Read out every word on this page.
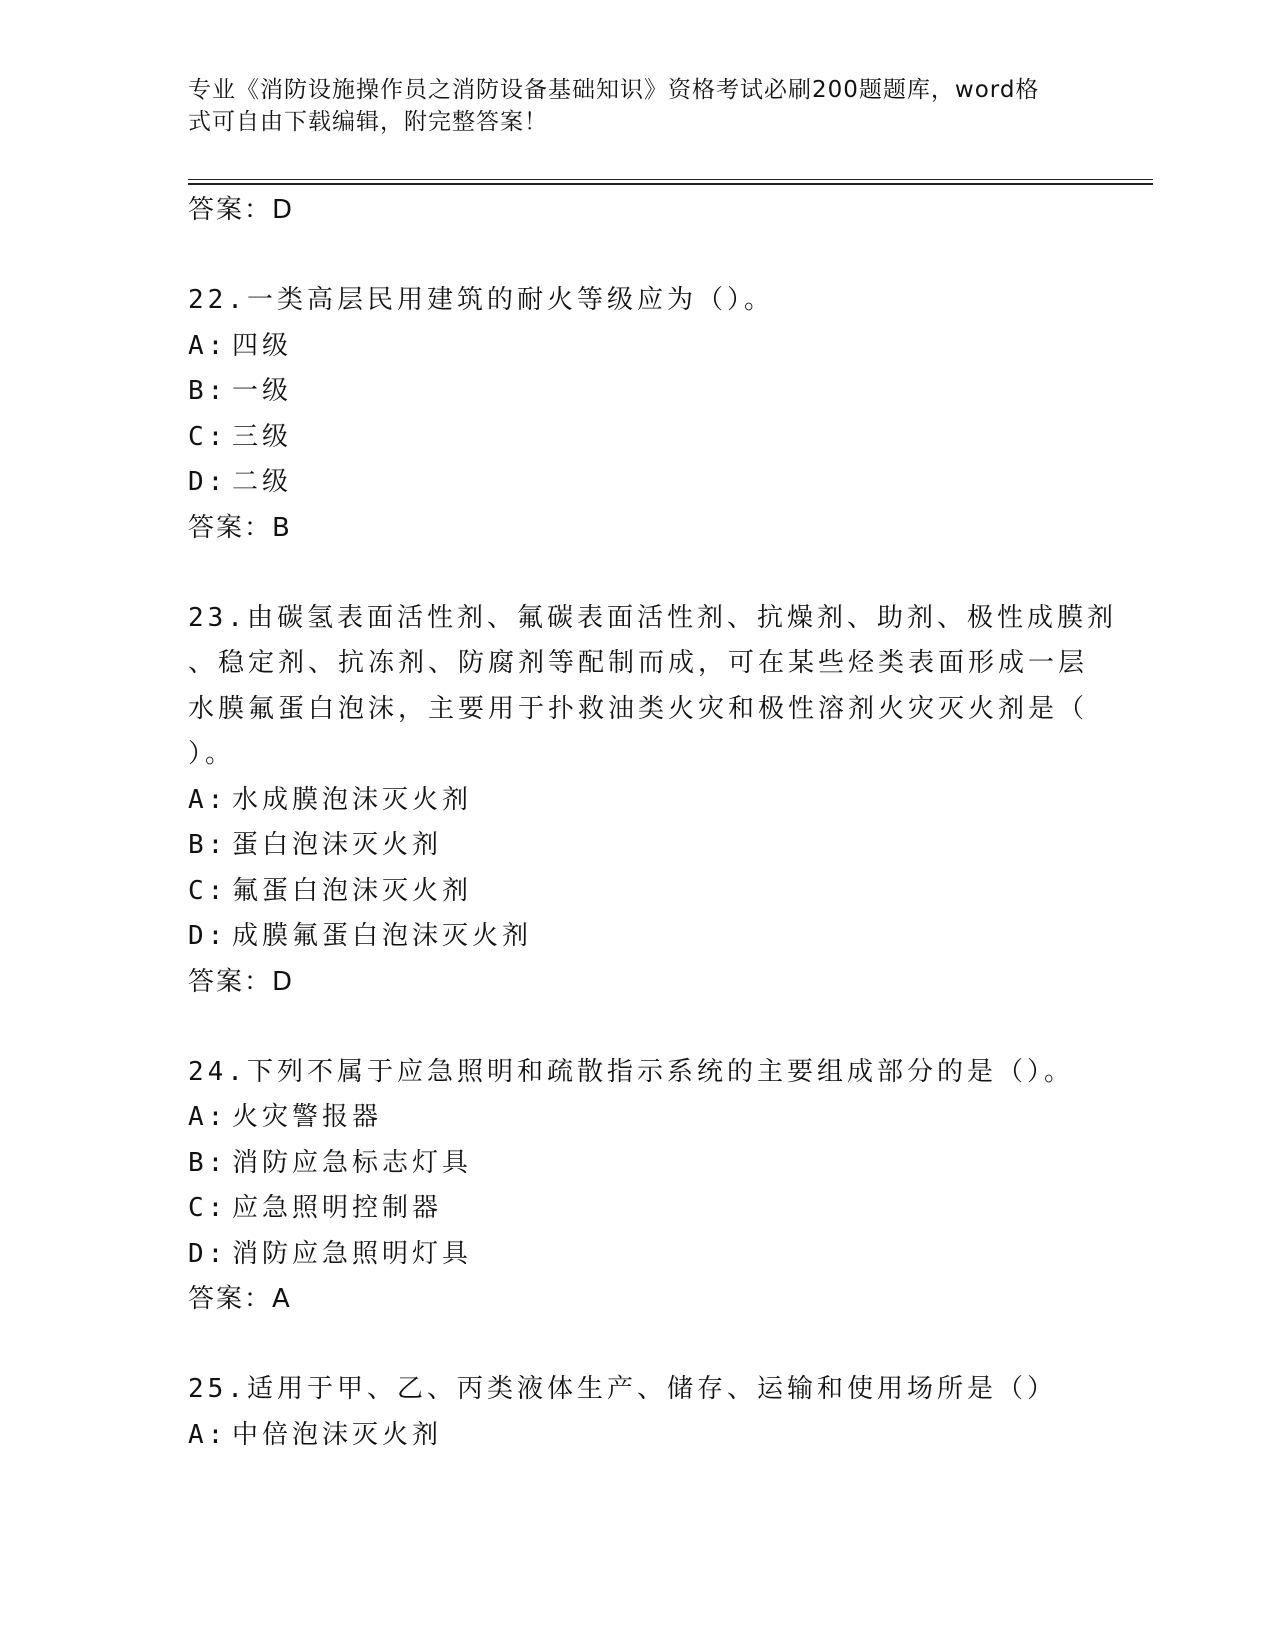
专业《消防设施操作员之消防设备基础知识》资格考试必刷200题题库，word格
式可自由下载编辑，附完整答案！
答案：D
22.一类高层民用建筑的耐火等级应为（）。
A: 四级
B: 一级
C: 三级
D: 二级
答案：B
23.由碳氢表面活性剂、氟碳表面活性剂、抗燥剂、助剂、极性成膜剂
、稳定剂、抗冻剂、防腐剂等配制而成，可在某些烃类表面形成一层
水膜氟蛋白泡沫，主要用于扑救油类火灾和极性溶剂火灾灭火剂是（
）。
A: 水成膜泡沫灭火剂
B: 蛋白泡沫灭火剂
C: 氟蛋白泡沫灭火剂
D: 成膜氟蛋白泡沫灭火剂
答案：D
24.下列不属于应急照明和疏散指示系统的主要组成部分的是（）。
A: 火灾警报器
B: 消防应急标志灯具
C: 应急照明控制器
D: 消防应急照明灯具
答案：A
25.适用于甲、乙、丙类液体生产、储存、运输和使用场所是（）
A: 中倍泡沫灭火剂
